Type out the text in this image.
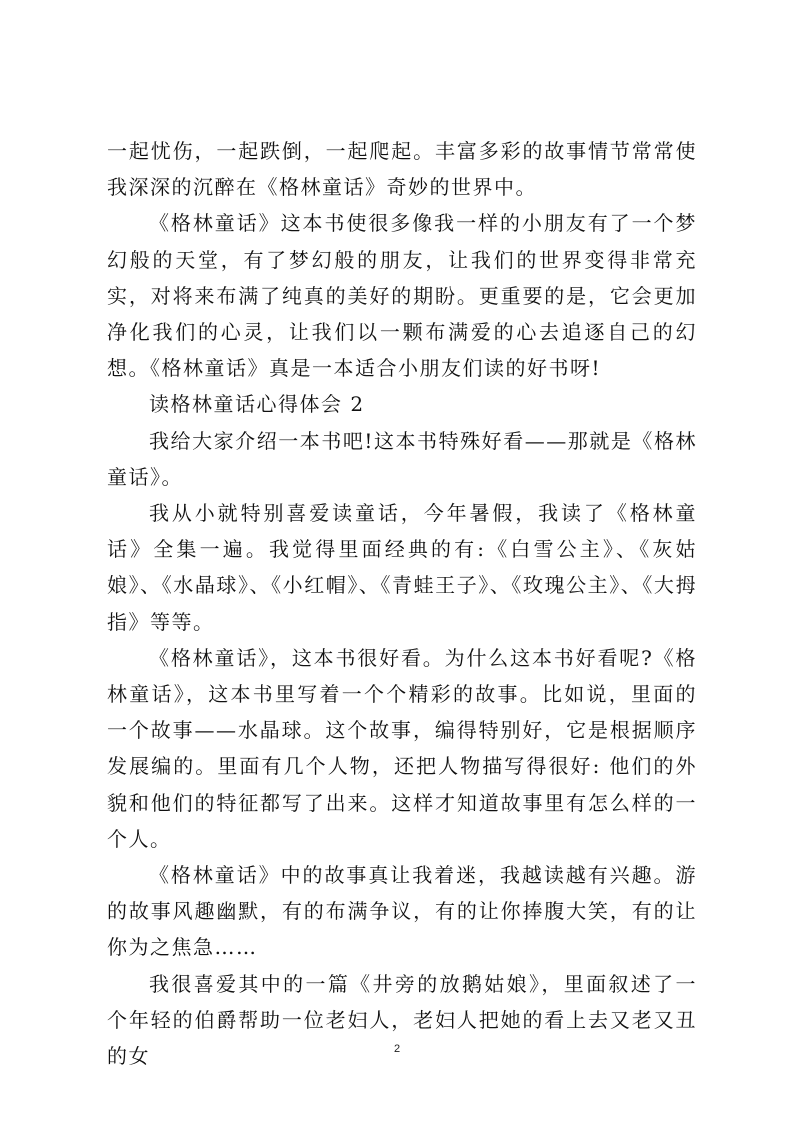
一起忧伤，一起跌倒，一起爬起。丰富多彩的故事情节常常使我深深的沉醉在《格林童话》奇妙的世界中。

《格林童话》这本书使很多像我一样的小朋友有了一个梦幻般的天堂，有了梦幻般的朋友，让我们的世界变得非常充实，对将来布满了纯真的美好的期盼。更重要的是，它会更加净化我们的心灵，让我们以一颗布满爱的心去追逐自己的幻想。《格林童话》真是一本适合小朋友们读的好书呀!

读格林童话心得体会 2

我给大家介绍一本书吧!这本书特殊好看——那就是《格林童话》。

我从小就特别喜爱读童话，今年暑假，我读了《格林童话》全集一遍。我觉得里面经典的有:《白雪公主》、《灰姑娘》、《水晶球》、《小红帽》、《青蛙王子》、《玫瑰公主》、《大拇指》等等。

《格林童话》，这本书很好看。为什么这本书好看呢?《格林童话》，这本书里写着一个个精彩的故事。比如说，里面的一个故事——水晶球。这个故事，编得特别好，它是根据顺序发展编的。里面有几个人物，还把人物描写得很好: 他们的外貌和他们的特征都写了出来。这样才知道故事里有怎么样的一个人。

《格林童话》中的故事真让我着迷，我越读越有兴趣。游的故事风趣幽默，有的布满争议，有的让你捧腹大笑，有的让你为之焦急……

我很喜爱其中的一篇《井旁的放鹅姑娘》，里面叙述了一个年轻的伯爵帮助一位老妇人，老妇人把她的看上去又老又丑的女	2
